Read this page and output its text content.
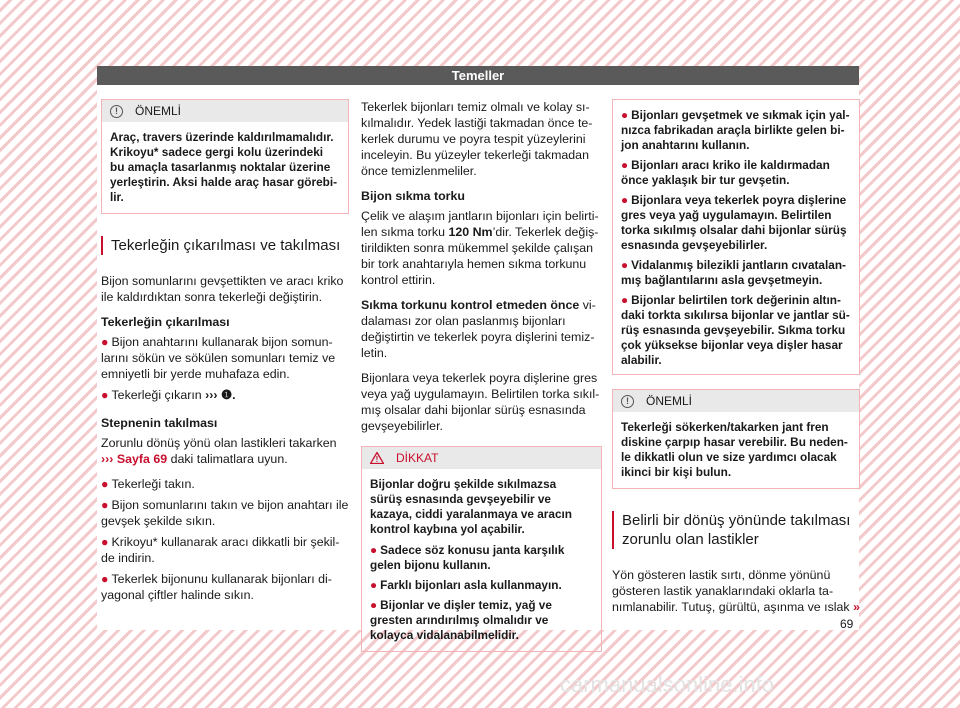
Temeller
!	ÖNEMLİ
Araç, travers üzerinde kaldırılmamalıdır. Krikoyu* sadece gergi kolu üzerindeki bu amaçla tasarlanmış noktalar üzerine yerleştirin. Aksi halde araç hasar görebilir.
Tekerleğin çıkarılması ve takılması

Bijon somunlarını gevşettikten ve aracı kriko ile kaldırdıktan sonra tekerleği değiştirin.

Tekerleğin çıkarılması

● Bijon anahtarını kullanarak bijon somunlarını sökün ve sökülen somunları temiz ve emniyetli bir yerde muhafaza edin.

● Tekerleği çıkarın ››› ❶.

Stepnenin takılması

Zorunlu dönüş yönü olan lastikleri takarken ››› Sayfa 69 daki talimatlara uyun.

● Tekerleği takın.

● Bijon somunlarını takın ve bijon anahtarı ile gevşek şekilde sıkın.

● Krikoyu* kullanarak aracı dikkatli bir şekilde indirin.

● Tekerlek bijonunu kullanarak bijonları diyagonal çiftler halinde sıkın.

Tekerlek bijonları temiz olmalı ve kolay sıkılmalıdır. Yedek lastiği takmadan önce tekerlek durumu ve poyra tespit yüzeylerini inceleyin. Bu yüzeyler tekerleği takmadan önce temizlenmeliler.

Bijon sıkma torku

Çelik ve alaşım jantların bijonları için belirtilen sıkma torku 120 Nm’dir. Tekerlek değiştirildikten sonra mükemmel şekilde çalışan bir tork anahtarıyla hemen sıkma torkunu kontrol ettirin.

Sıkma torkunu kontrol etmeden önce vidalaması zor olan paslanmış bijonları değiştirtin ve tekerlek poyra dişlerini temizletin.

Bijonlara veya tekerlek poyra dişlerine gres veya yağ uygulamayın. Belirtilen torka sıkılmış olsalar dahi bijonlar sürüş esnasında gevşeyebilirler.

! DİKKAT

Bijonlar doğru şekilde sıkılmazsa sürüş esnasında gevşeyebilir ve kazaya, ciddi yaralanmaya ve aracın kontrol kaybına yol açabilir.

● Sadece söz konusu janta karşılık gelen bijonu kullanın.

● Farklı bijonları asla kullanmayın.

● Bijonlar ve dişler temiz, yağ ve gresten arındırılmış olmalıdır ve kolayca vidalanabilmelidir.

● Bijonları gevşetmek ve sıkmak için yalnızca fabrikadan araçla birlikte gelen bijon anahtarını kullanın.

● Bijonları aracı kriko ile kaldırmadan önce yaklaşık bir tur gevşetin.

● Bijonlara veya tekerlek poyra dişlerine gres veya yağ uygulamayın. Belirtilen torka sıkılmış olsalar dahi bijonlar sürüş esnasında gevşeyebilirler.

● Vidalanmış bilezikli jantların cıvatalanmış bağlantılarını asla gevşetmeyin.

● Bijonlar belirtilen tork değerinin altındaki torkta sıkılırsa bijonlar ve jantlar sürüş esnasında gevşeyebilir. Sıkma torku çok yüksekse bijonlar veya dişler hasar alabilir.

!	ÖNEMLİ
Tekerleği sökerken/takarken jant fren diskine çarpıp hasar verebilir. Bu nedenle dikkatli olun ve size yardımcı olacak ikinci bir kişi bulun.
Belirli bir dönüş yönünde takılması zorunlu olan lastikler

Yön gösteren lastik sırtı, dönme yönünü gösteren lastik yanaklarındaki oklarla tanımlanabilir. Tutuş, gürültü, aşınma ve ıslak »

69
carmanualsonline.info
